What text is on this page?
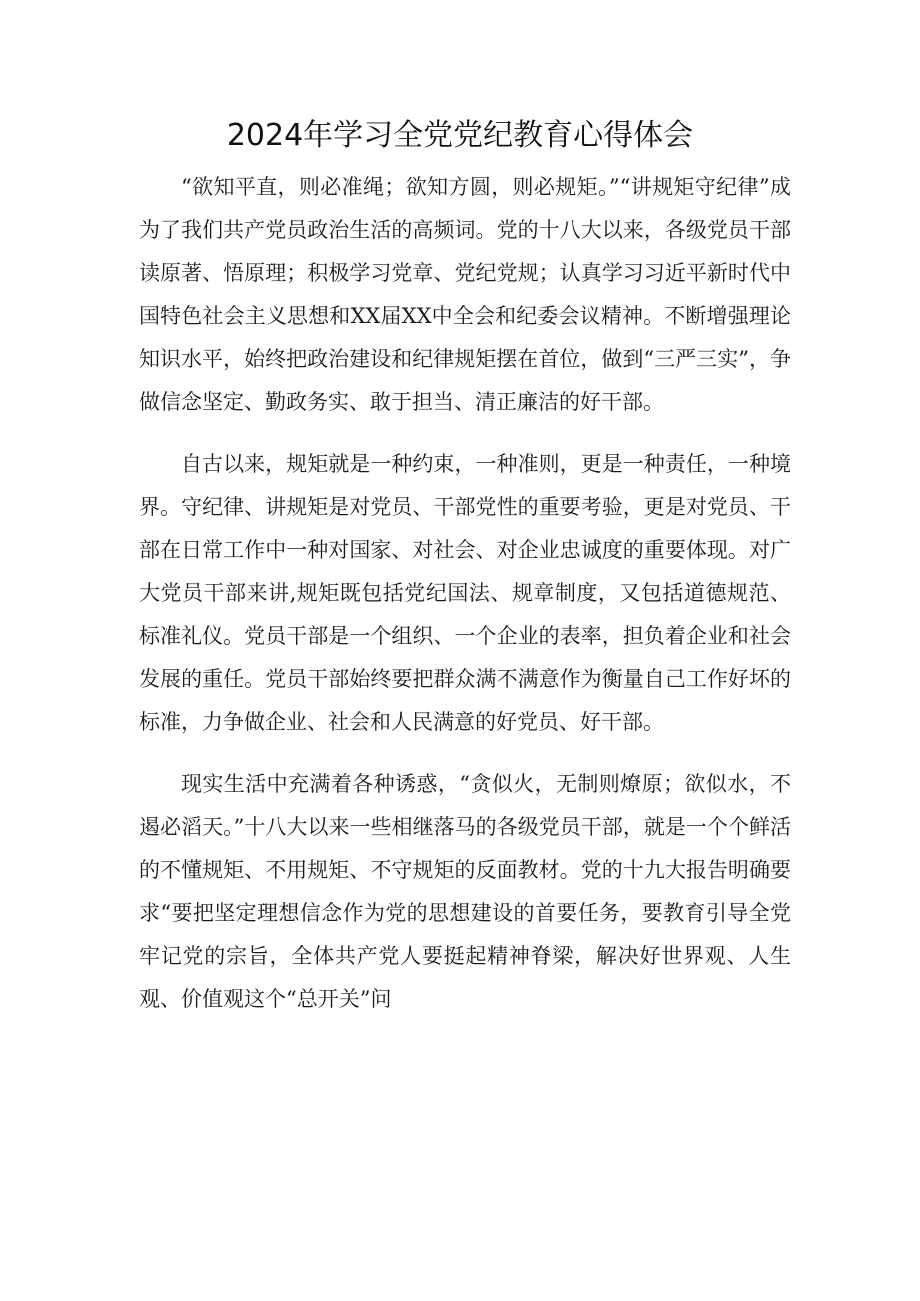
2024年学习全党党纪教育心得体会

“欲知平直，则必准绳；欲知方圆，则必规矩。”“讲规矩守纪律”成为了我们共产党员政治生活的高频词。党的十八大以来，各级党员干部读原著、悟原理；积极学习党章、党纪党规；认真学习习近平新时代中国特色社会主义思想和XX届XX中全会和纪委会议精神。不断增强理论知识水平，始终把政治建设和纪律规矩摆在首位，做到“三严三实”，争做信念坚定、勤政务实、敢于担当、清正廉洁的好干部。

自古以来，规矩就是一种约束，一种准则，更是一种责任，一种境界。守纪律、讲规矩是对党员、干部党性的重要考验，更是对党员、干部在日常工作中一种对国家、对社会、对企业忠诚度的重要体现。对广大党员干部来讲,规矩既包括党纪国法、规章制度，又包括道德规范、标准礼仪。党员干部是一个组织、一个企业的表率，担负着企业和社会发展的重任。党员干部始终要把群众满不满意作为衡量自己工作好坏的标准，力争做企业、社会和人民满意的好党员、好干部。

现实生活中充满着各种诱惑，“贪似火，无制则燎原；欲似水，不遏必滔天。”十八大以来一些相继落马的各级党员干部，就是一个个鲜活的不懂规矩、不用规矩、不守规矩的反面教材。党的十九大报告明确要求“要把坚定理想信念作为党的思想建设的首要任务，要教育引导全党牢记党的宗旨，全体共产党人要挺起精神脊梁，解决好世界观、人生观、价值观这个“总开关”问
